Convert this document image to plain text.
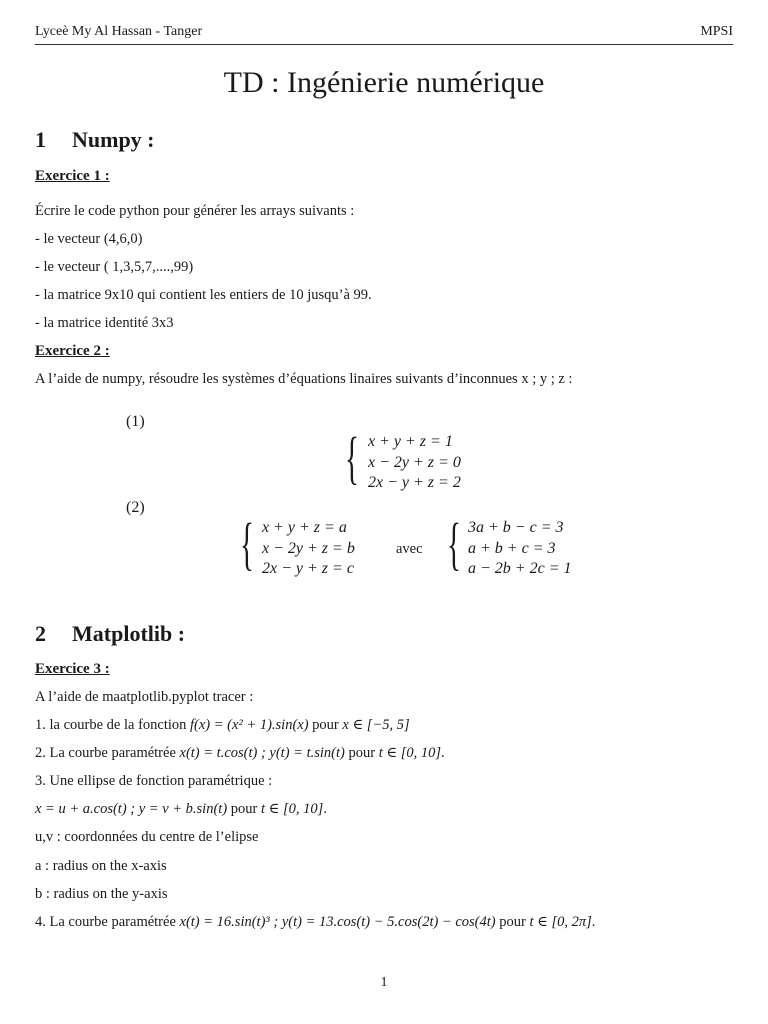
Lyceè My Al Hassan - Tanger	MPSI
TD : Ingénierie numérique
1 Numpy :
Exercice 1 :
Écrire le code python pour générer les arrays suivants :
- le vecteur (4,6,0)
- le vecteur ( 1,3,5,7,....,99)
- la matrice 9x10 qui contient les entiers de 10 jusqu’à 99.
- la matrice identité 3x3
Exercice 2 :
A l’aide de numpy, résoudre les systèmes d’équations linaires suivants d’inconnues x ; y ; z :
(1)
{ x + y + z = 1
x − 2y + z = 0
2x − y + z = 2
(2)
{ x + y + z = a
x − 2y + z = b
2x − y + z = c
avec { 3a + b − c = 3
a + b + c = 3
a − 2b + 2c = 1
2 Matplotlib :
Exercice 3 :
A l’aide de maatplotlib.pyplot tracer :
1. la courbe de la fonction f(x) = (x² + 1).sin(x) pour x ∈ [−5, 5]
2. La courbe paramétrée x(t) = t.cos(t) ; y(t) = t.sin(t) pour t ∈ [0, 10].
3. Une ellipse de fonction paramétrique :
x = u + a.cos(t) ; y = v + b.sin(t) pour t ∈ [0, 10].
u,v : coordonnées du centre de l’elipse
a : radius on the x-axis
b : radius on the y-axis
4. La courbe paramétrée x(t) = 16.sin(t)³ ; y(t) = 13.cos(t) − 5.cos(2t) − cos(4t) pour t ∈ [0, 2π].
1
